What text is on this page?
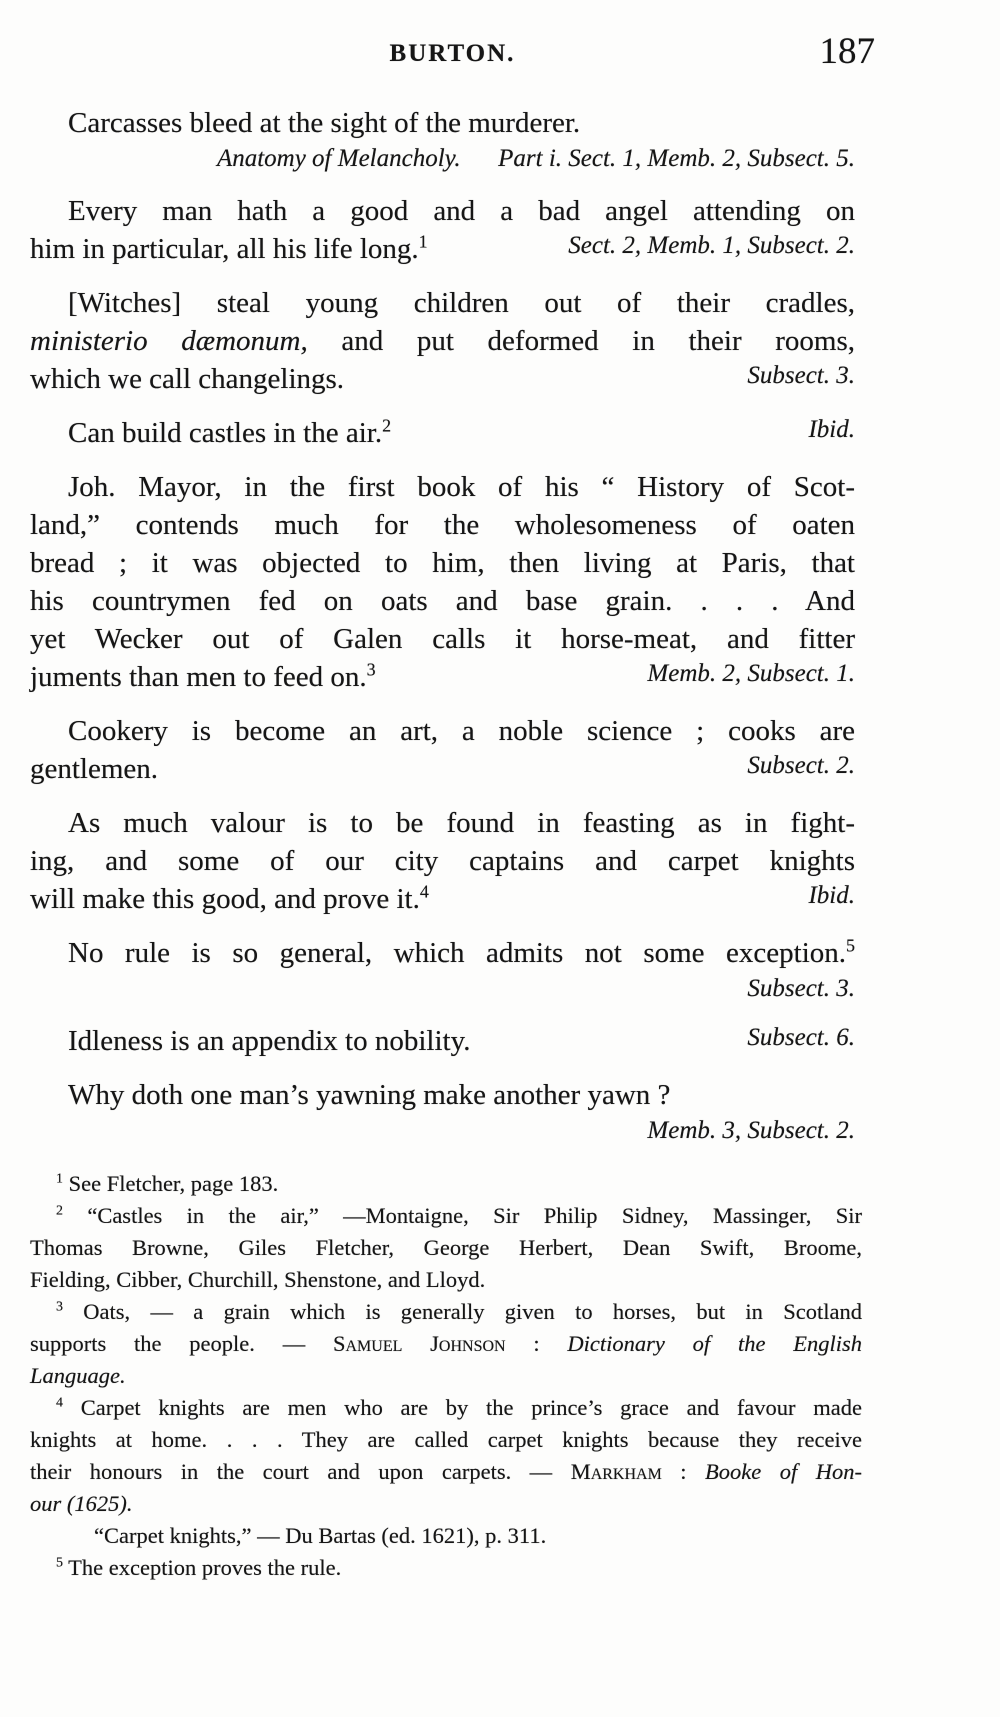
BURTON.	187
Carcasses bleed at the sight of the murderer.
Anatomy of Melancholy.  Part i. Sect. 1, Memb. 2, Subsect. 5.
Every man hath a good and a bad angel attending on
him in particular, all his life long.$^1$	Sect. 2, Memb. 1, Subsect. 2.
[Witches] steal young children out of their cradles,
ministerio dæmonum, and put deformed in their rooms,
which we call changelings.	Subsect. 3.
Can build castles in the air.$^2$	Ibid.
Joh. Mayor, in the first book of his “ History of Scot-
land,” contends much for the wholesomeness of oaten
bread ; it was objected to him, then living at Paris, that
his countrymen fed on oats and base grain. . . . And
yet Wecker out of Galen calls it horse-meat, and fitter
juments than men to feed on.$^3$	Memb. 2, Subsect. 1.
Cookery is become an art, a noble science ; cooks are
gentlemen.	Subsect. 2.
As much valour is to be found in feasting as in fight-
ing, and some of our city captains and carpet knights
will make this good, and prove it.$^4$	Ibid.
No rule is so general, which admits not some exception.$^5$
Subsect. 3.
Idleness is an appendix to nobility.	Subsect. 6.
Why doth one man’s yawning make another yawn ?
Memb. 3, Subsect. 2.
$^1$ See Fletcher, page 183.
$^2$ “Castles in the air,” —Montaigne, Sir Philip Sidney, Massinger, Sir
Thomas Browne, Giles Fletcher, George Herbert, Dean Swift, Broome,
Fielding, Cibber, Churchill, Shenstone, and Lloyd.
$^3$ Oats, — a grain which is generally given to horses, but in Scotland
supports the people. — Samuel Johnson : Dictionary of the English
Language.
$^4$ Carpet knights are men who are by the prince’s grace and favour made
knights at home. . . . They are called carpet knights because they receive
their honours in the court and upon carpets. — Markham : Booke of Hon-
our (1625).
“Carpet knights,” — Du Bartas (ed. 1621), p. 311.
$^5$ The exception proves the rule.
